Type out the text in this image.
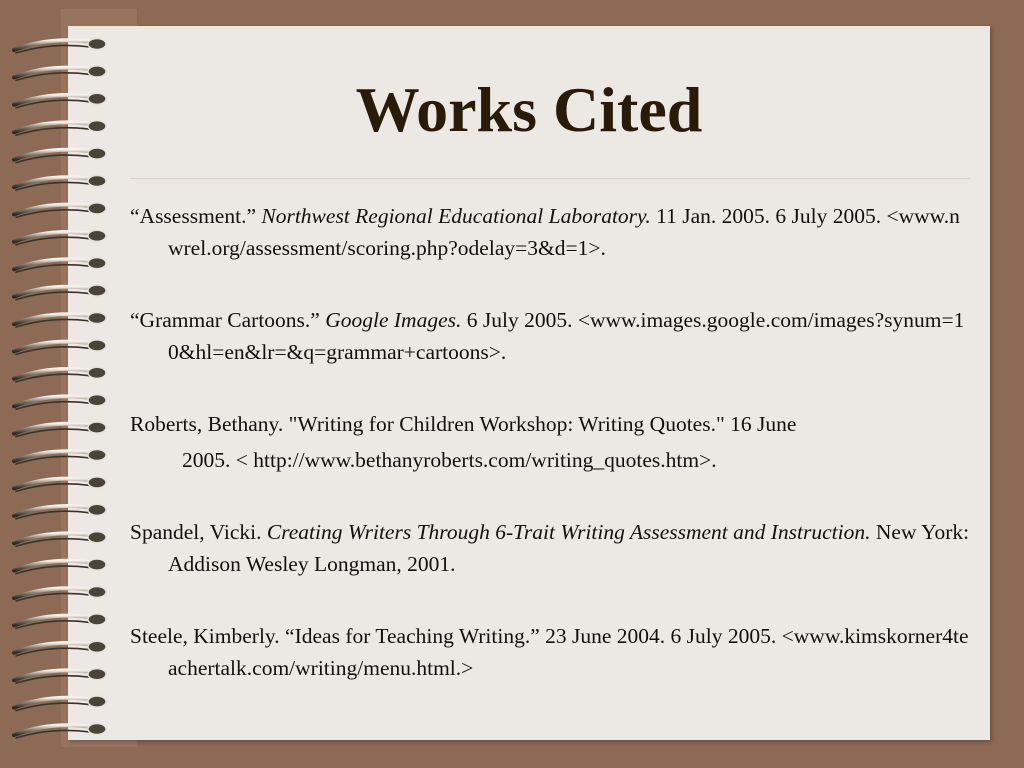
Works Cited

“Assessment.” Northwest Regional Educational Laboratory. 11 Jan. 2005. 6 July 2005. <www.nwrel.org/assessment/scoring.php?odelay=3&d=1>.

“Grammar Cartoons.” Google Images. 6 July 2005. <www.images.google.com/images?synum=10&hl=en&lr=&q=grammar+cartoons>.

Roberts, Bethany. "Writing for Children Workshop: Writing Quotes." 16 June
2005. < http://www.bethanyroberts.com/writing_quotes.htm>.

Spandel, Vicki. Creating Writers Through 6-Trait Writing Assessment and Instruction. New York: Addison Wesley Longman, 2001.

Steele, Kimberly. “Ideas for Teaching Writing.” 23 June 2004. 6 July 2005. <www.kimskorner4teachertalk.com/writing/menu.html.>
